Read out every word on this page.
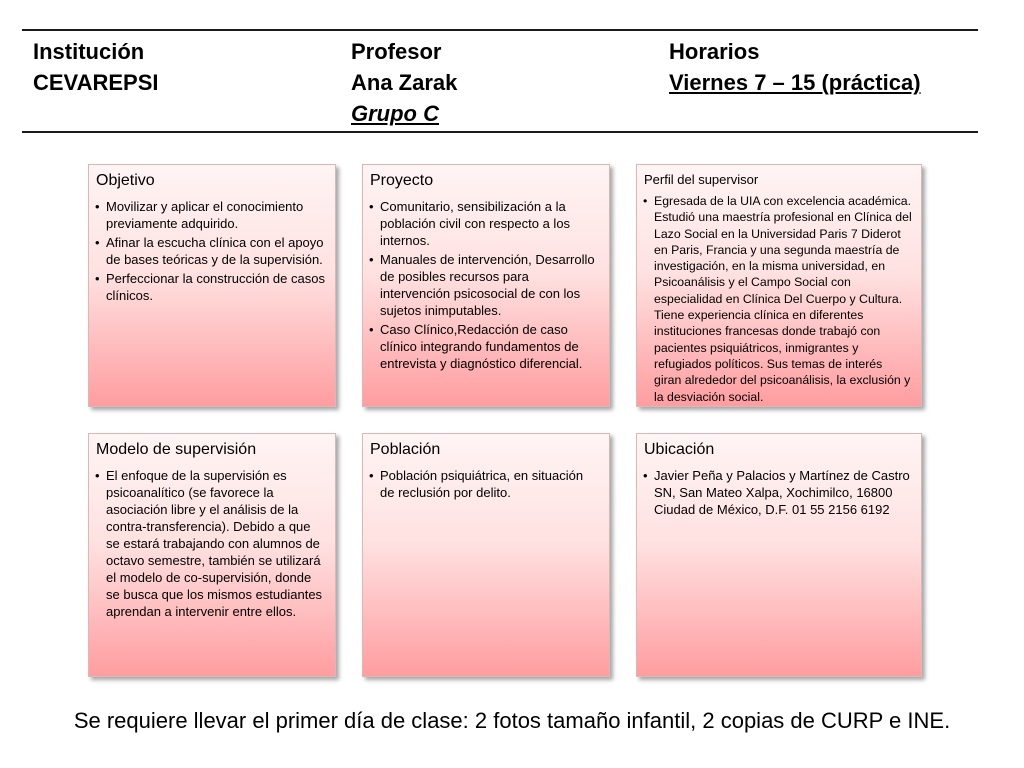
Institución
CEVAREPSI
Profesor
Ana Zarak
Grupo C
Horarios
Viernes 7 – 15 (práctica)
Objetivo
• Movilizar y aplicar el conocimiento previamente adquirido.
• Afinar la escucha clínica con el apoyo de bases teóricas y de la supervisión.
• Perfeccionar la construcción de casos clínicos.
Proyecto
• Comunitario, sensibilización a la población civil con respecto a los internos.
• Manuales de intervención, Desarrollo de posibles recursos para intervención psicosocial de con los sujetos inimputables.
• Caso Clínico,Redacción de caso clínico integrando fundamentos de entrevista y diagnóstico diferencial.
Perfil del supervisor
• Egresada de la UIA con excelencia académica. Estudió una maestría profesional en Clínica del Lazo Social en la Universidad Paris 7 Diderot en Paris, Francia y una segunda maestría de investigación, en la misma universidad, en Psicoanálisis y el Campo Social con especialidad en Clínica Del Cuerpo y Cultura. Tiene experiencia clínica en diferentes instituciones francesas donde trabajó con pacientes psiquiátricos, inmigrantes y refugiados políticos. Sus temas de interés giran alrededor del psicoanálisis, la exclusión y la desviación social.
Modelo de supervisión
• El enfoque de la supervisión es psicoanalítico (se favorece la asociación libre y el análisis de la contra-transferencia). Debido a que se estará trabajando con alumnos de octavo semestre, también se utilizará el modelo de co-supervisión, donde se busca que los mismos estudiantes aprendan a intervenir entre ellos.
Población
• Población psiquiátrica, en situación de reclusión por delito.
Ubicación
• Javier Peña y Palacios y Martínez de Castro SN, San Mateo Xalpa, Xochimilco, 16800 Ciudad de México, D.F. 01 55 2156 6192
Se requiere llevar el primer día de clase: 2 fotos tamaño infantil, 2 copias de CURP e INE.
